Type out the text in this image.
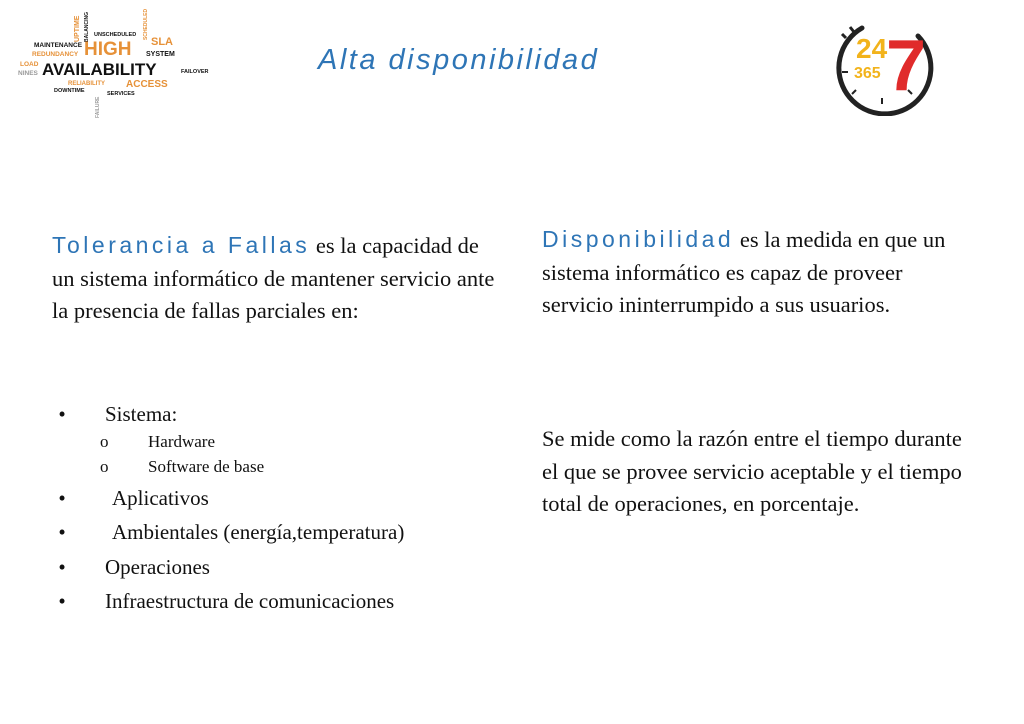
MAINTENANCE
REDUNDANCY
UPTIME BALANCING UNSCHEDULED
HIGH
SCHEDULED
SLA
SYSTEM
LOAD
NINES AVAILABILITY	FAILOVER
RELIABILITY ACCESS
DOWNTIME	SERVICES
FAILURE
Alta disponibilidad	24
365 7
Tolerancia a Fallas es la capacidad de un sistema informático de mantener servicio ante la presencia de fallas parciales en:
•	Sistema:
o Hardware
o Software de base
•	Aplicativos
•	Ambientales (energía,temperatura)
•	Operaciones
•	Infraestructura de comunicaciones
Disponibilidad es la medida en que un sistema informático es capaz de proveer servicio ininterrumpido a sus usuarios.
Se mide como la razón entre el tiempo durante el que se provee servicio aceptable y el tiempo total de operaciones, en porcentaje.
